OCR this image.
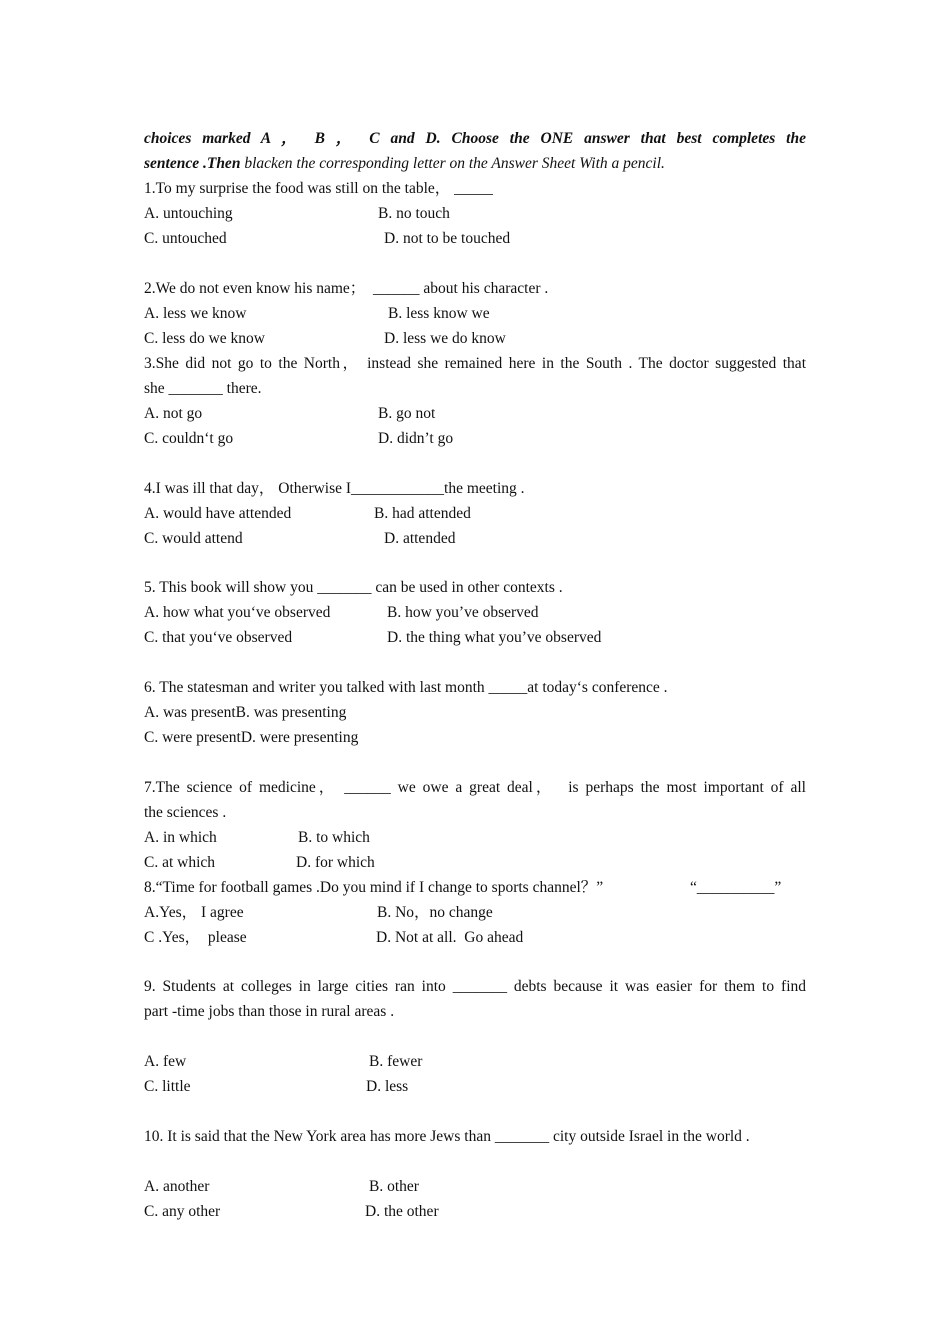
choices marked A ， B ， C and D. Choose the ONE answer that best completes the
sentence .Then blacken the corresponding letter on the Answer Sheet With a pencil.
1.To my surprise the food was still on the table， _____

A. untouching

	B. no touch

C. untouched

	D. not to be touched

2.We do not even know his name；  ______ about his character .

A. less we know

	B. less know we

C. less do we know

	D. less we do know

3.She did not go to the North， instead she remained here in the South . The doctor suggested that
she _______ there.

A. not go

	B. go not

C. couldn‘t go

	D. didn’t go

4.I was ill that day， Otherwise I____________the meeting .

A. would have attended

	B. had attended

C. would attend

	D. attended

5. This book will show you _______ can be used in other contexts .

A. how what you‘ve observed

	B. how you’ve observed

C. that you‘ve observed

	D. the thing what you’ve observed

6. The statesman and writer you talked with last month _____at today‘s conference .
A. was presentB. was presenting
C. were presentD. were presenting
7.The science of medicine， ______ we owe a great deal，  is perhaps the most important of all
the sciences .

A. in which

	B. to which

C. at which

	D. for which

8.“Time for football games .Do you mind if I change to sports channel？”

	“__________”

A.Yes， I agree

	B. No，no change

C .Yes，  please

	D. Not at all.  Go ahead

9. Students at colleges in large cities ran into _______ debts because it was easier for them to find
part -time jobs than those in rural areas .

A. few

	B. fewer

C. little

	D. less

10. It is said that the New York area has more Jews than _______ city outside Israel in the world .

A. another

	B. other

C. any other

	D. the other
